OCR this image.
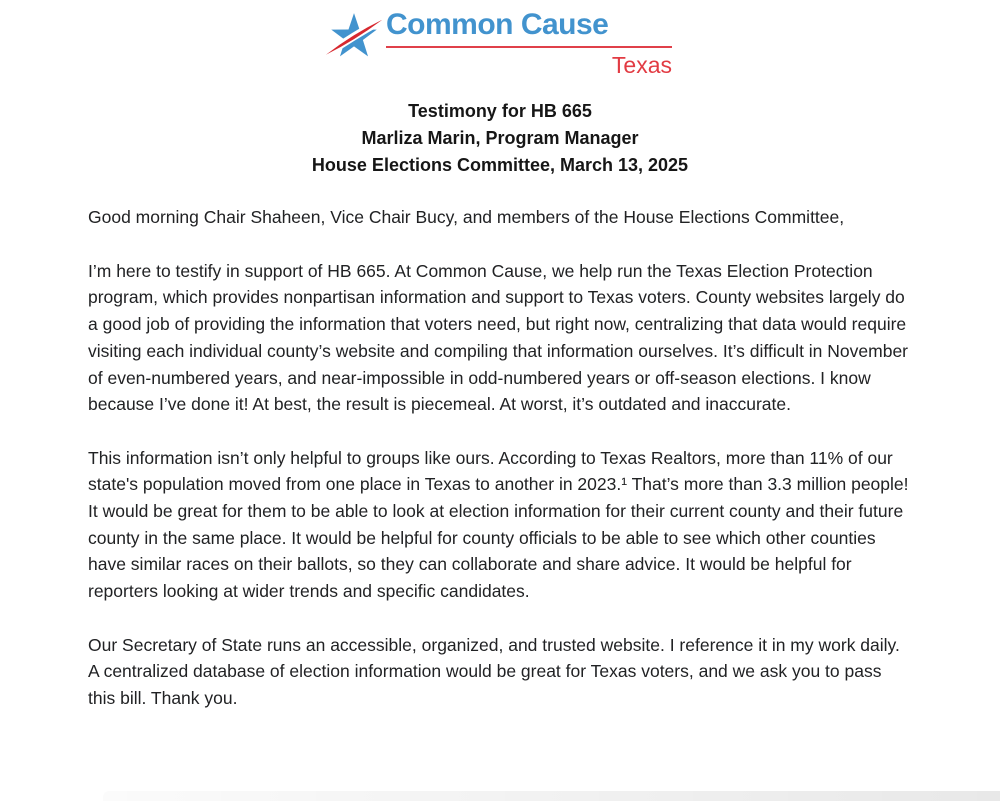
Common Cause
Texas
Testimony for HB 665
Marliza Marin, Program Manager
House Elections Committee, March 13, 2025

Good morning Chair Shaheen, Vice Chair Bucy, and members of the House Elections Committee,

I’m here to testify in support of HB 665. At Common Cause, we help run the Texas Election Protection program, which provides nonpartisan information and support to Texas voters. County websites largely do a good job of providing the information that voters need, but right now, centralizing that data would require visiting each individual county’s website and compiling that information ourselves. It’s difficult in November of even-numbered years, and near-impossible in odd-numbered years or off-season elections. I know because I’ve done it! At best, the result is piecemeal. At worst, it’s outdated and inaccurate.

This information isn’t only helpful to groups like ours. According to Texas Realtors, more than 11% of our state's population moved from one place in Texas to another in 2023.¹ That’s more than 3.3 million people! It would be great for them to be able to look at election information for their current county and their future county in the same place. It would be helpful for county officials to be able to see which other counties have similar races on their ballots, so they can collaborate and share advice. It would be helpful for reporters looking at wider trends and specific candidates.

Our Secretary of State runs an accessible, organized, and trusted website. I reference it in my work daily. A centralized database of election information would be great for Texas voters, and we ask you to pass this bill. Thank you.
